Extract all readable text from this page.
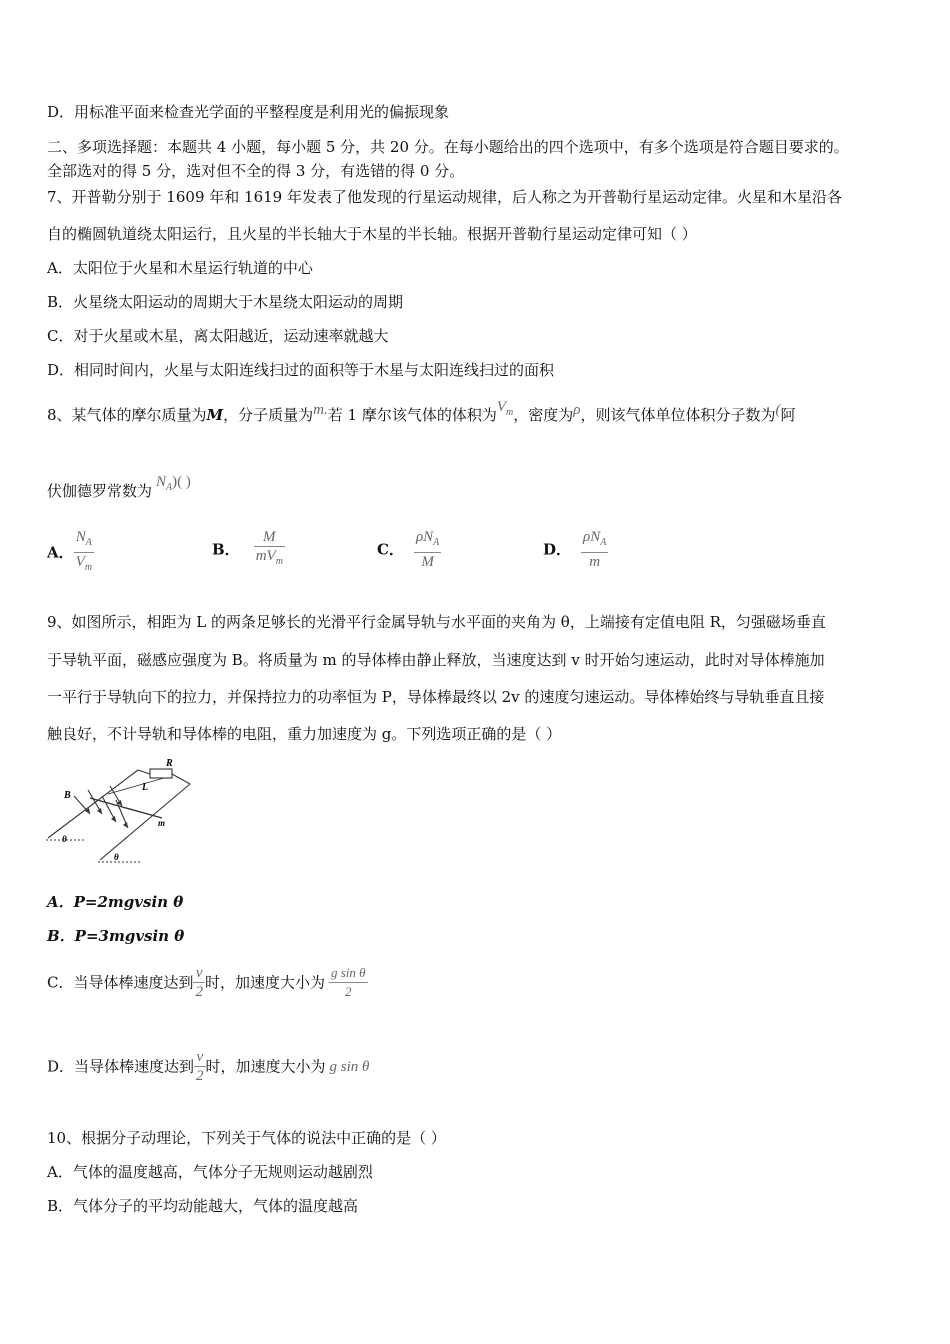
D．用标准平面来检查光学面的平整程度是利用光的偏振现象
二、多项选择题：本题共 4 小题，每小题 5 分，共 20 分。在每小题给出的四个选项中，有多个选项是符合题目要求的。
全部选对的得 5 分，选对但不全的得 3 分，有选错的得 0 分。
7、开普勒分别于 1609 年和 1619 年发表了他发现的行星运动规律，后人称之为开普勒行星运动定律。火星和木星沿各
自的椭圆轨道绕太阳运行，且火星的半长轴大于木星的半长轴。根据开普勒行星运动定律可知（ ）
A．太阳位于火星和木星运行轨道的中心
B．火星绕太阳运动的周期大于木星绕太阳运动的周期
C．对于火星或木星，离太阳越近，运动速率就越大
D．相同时间内，火星与太阳连线扫过的面积等于木星与太阳连线扫过的面积
8、某气体的摩尔质量为M，分子质量为m.若 1 摩尔该气体的体积为$V_m$，密度为ρ，则该气体单位体积分子数为(阿
伏伽德罗常数为 $N_A$)( )
A． $\frac{N_A}{V_m}$	B． $\frac{M}{mV_m}$	C． $\frac{\rho N_A}{M}$	D． $\frac{\rho N_A}{m}$
9、如图所示，相距为 L 的两条足够长的光滑平行金属导轨与水平面的夹角为 θ，上端接有定值电阻 R，匀强磁场垂直
于导轨平面，磁感应强度为 B。将质量为 m 的导体棒由静止释放，当速度达到 v 时开始匀速运动，此时对导体棒施加
一平行于导轨向下的拉力，并保持拉力的功率恒为 P，导体棒最终以 2v 的速度匀速运动。导体棒始终与导轨垂直且接
触良好，不计导轨和导体棒的电阻，重力加速度为 g。下列选项正确的是（ ）
R
L
B
m
θ
θ
A．P=2mgvsin θ
B．P=3mgvsin θ
C．当导体棒速度达到 $\frac{v}{2}$ 时，加速度大小为 $\frac{\text{g sin θ}}{2}$
D．当导体棒速度达到 $\frac{v}{2}$ 时，加速度大小为 g sin θ
10、根据分子动理论，下列关于气体的说法中正确的是（ ）
A．气体的温度越高，气体分子无规则运动越剧烈
B．气体分子的平均动能越大，气体的温度越高
